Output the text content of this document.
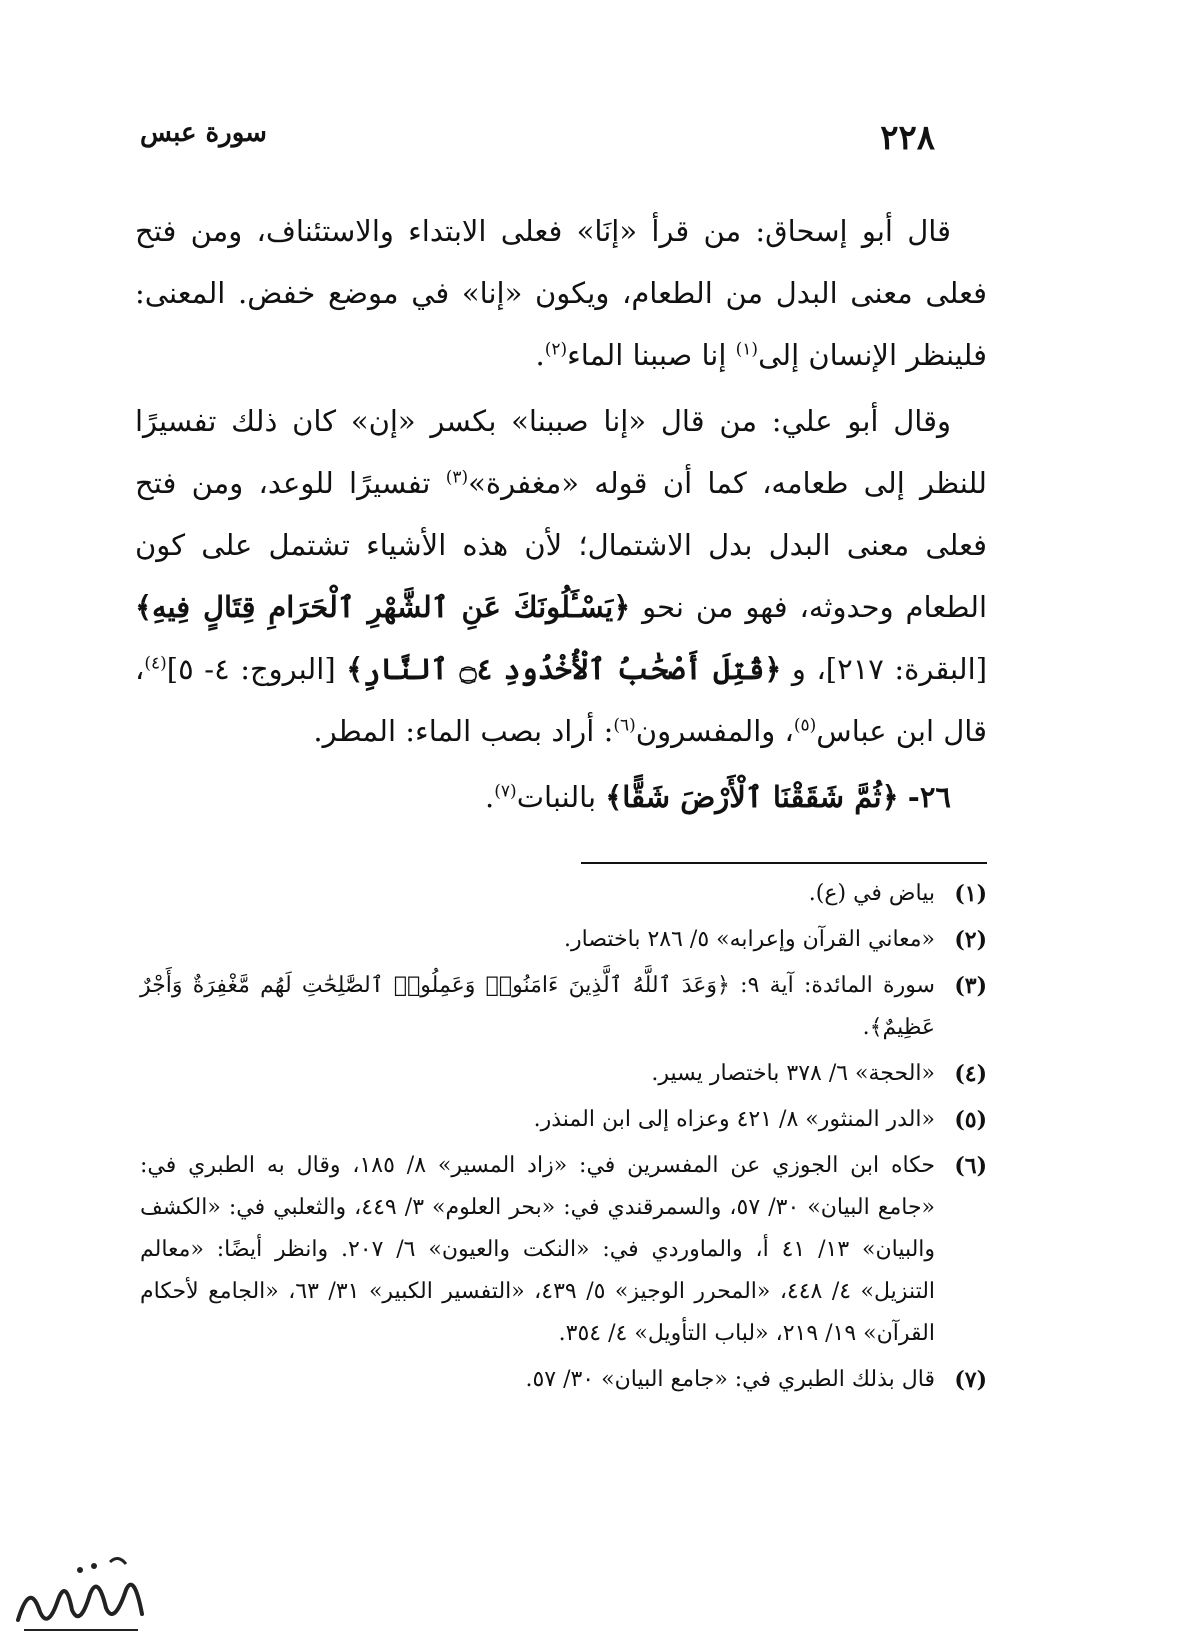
٢٢٨
سورة عبس

قال أبو إسحاق: من قرأ «إنَا» فعلى الابتداء والاستئناف، ومن فتح فعلى معنى البدل من الطعام، ويكون «إنا» في موضع خفض. المعنى: فلينظر الإنسان إلى$^{(١)}$ إنا صببنا الماء$^{(٢)}$.

وقال أبو علي: من قال «إنا صببنا» بكسر «إن» كان ذلك تفسيرًا للنظر إلى طعامه، كما أن قوله «مغفرة»$^{(٣)}$ تفسيرًا للوعد، ومن فتح فعلى معنى البدل بدل الاشتمال؛ لأن هذه الأشياء تشتمل على كون الطعام وحدوثه، فهو من نحو ﴿يَسْـَٔلُونَكَ عَنِ ٱلشَّهْرِ ٱلْحَرَامِ قِتَالٍ فِيهِ﴾ [البقرة: ٢١٧]، و ﴿قُتِلَ أَصْحَٰبُ ٱلْأُخْدُودِ ۝٤ ٱلنَّارِ﴾ [البروج: ٤- ٥]$^{(٤)}$، قال ابن عباس$^{(٥)}$، والمفسرون$^{(٦)}$: أراد بصب الماء: المطر.

٢٦- ﴿ثُمَّ شَقَقْنَا ٱلْأَرْضَ شَقًّا﴾ بالنبات$^{(٧)}$.

(١)
بياض في (ع).
(٢)
«معاني القرآن وإعرابه» ٥/ ٢٨٦ باختصار.
(٣)
سورة المائدة: آية ٩: ﴿وَعَدَ ٱللَّهُ ٱلَّذِينَ ءَامَنُوا۟ وَعَمِلُوا۟ ٱلصَّٰلِحَٰتِ لَهُم مَّغْفِرَةٌ وَأَجْرٌ عَظِيمٌ﴾.
(٤)
«الحجة» ٦/ ٣٧٨ باختصار يسير.
(٥)
«الدر المنثور» ٨/ ٤٢١ وعزاه إلى ابن المنذر.
(٦)
حكاه ابن الجوزي عن المفسرين في: «زاد المسير» ٨/ ١٨٥، وقال به الطبري في: «جامع البيان» ٣٠/ ٥٧، والسمرقندي في: «بحر العلوم» ٣/ ٤٤٩، والثعلبي في: «الكشف والبيان» ١٣/ ٤١ أ، والماوردي في: «النكت والعيون» ٦/ ٢٠٧. وانظر أيضًا: «معالم التنزيل» ٤/ ٤٤٨، «المحرر الوجيز» ٥/ ٤٣٩، «التفسير الكبير» ٣١/ ٦٣، «الجامع لأحكام القرآن» ١٩/ ٢١٩، «لباب التأويل» ٤/ ٣٥٤.
(٧)
قال بذلك الطبري في: «جامع البيان» ٣٠/ ٥٧.
